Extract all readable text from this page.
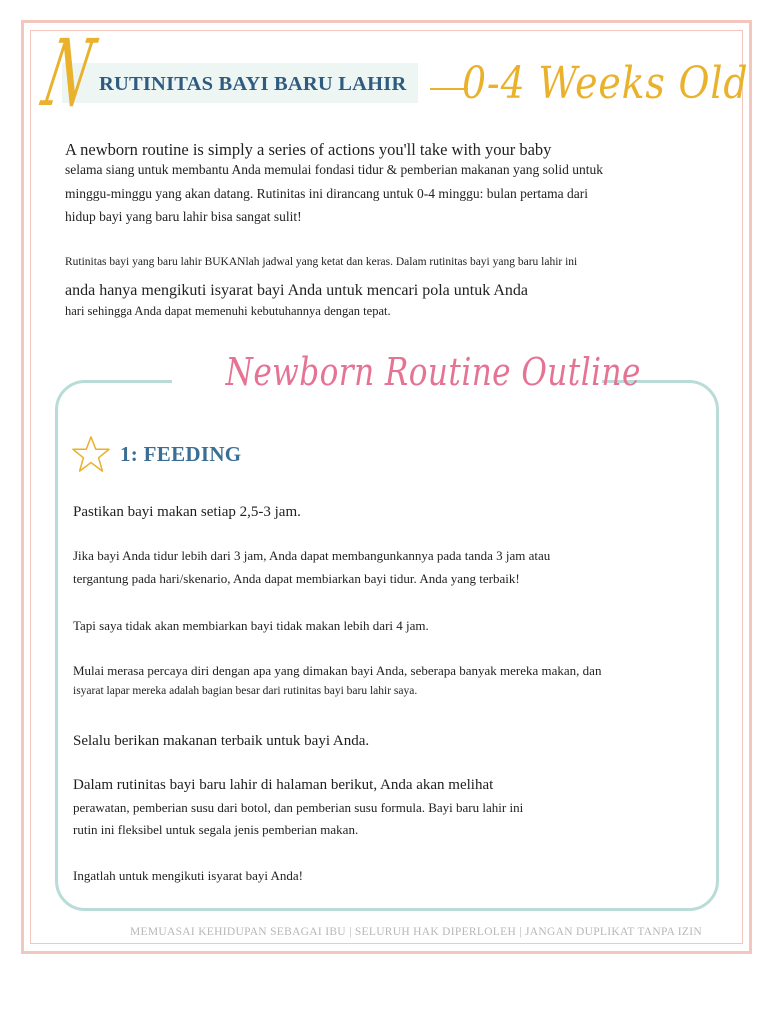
N
RUTINITAS BAYI BARU LAHIR 0-4 Weeks Old
A newborn routine is simply a series of actions you'll take with your baby
selama siang untuk membantu Anda memulai fondasi tidur & pemberian makanan yang solid untuk
minggu-minggu yang akan datang. Rutinitas ini dirancang untuk 0-4 minggu: bulan pertama dari
hidup bayi yang baru lahir bisa sangat sulit!
Rutinitas bayi yang baru lahir BUKANlah jadwal yang ketat dan keras. Dalam rutinitas bayi yang baru lahir ini
anda hanya mengikuti isyarat bayi Anda untuk mencari pola untuk Anda
hari sehingga Anda dapat memenuhi kebutuhannya dengan tepat.
Newborn Routine Outline
1: FEEDING
Pastikan bayi makan setiap 2,5-3 jam.
Jika bayi Anda tidur lebih dari 3 jam, Anda dapat membangunkannya pada tanda 3 jam atau
tergantung pada hari/skenario, Anda dapat membiarkan bayi tidur. Anda yang terbaik!
Tapi saya tidak akan membiarkan bayi tidak makan lebih dari 4 jam.
Mulai merasa percaya diri dengan apa yang dimakan bayi Anda, seberapa banyak mereka makan, dan
isyarat lapar mereka adalah bagian besar dari rutinitas bayi baru lahir saya.
Selalu berikan makanan terbaik untuk bayi Anda.
Dalam rutinitas bayi baru lahir di halaman berikut, Anda akan melihat
perawatan, pemberian susu dari botol, dan pemberian susu formula. Bayi baru lahir ini
rutin ini fleksibel untuk segala jenis pemberian makan.
Ingatlah untuk mengikuti isyarat bayi Anda!
MEMUASAI KEHIDUPAN SEBAGAI IBU | SELURUH HAK DIPERLOLEH | JANGAN DUPLIKAT TANPA IZIN
